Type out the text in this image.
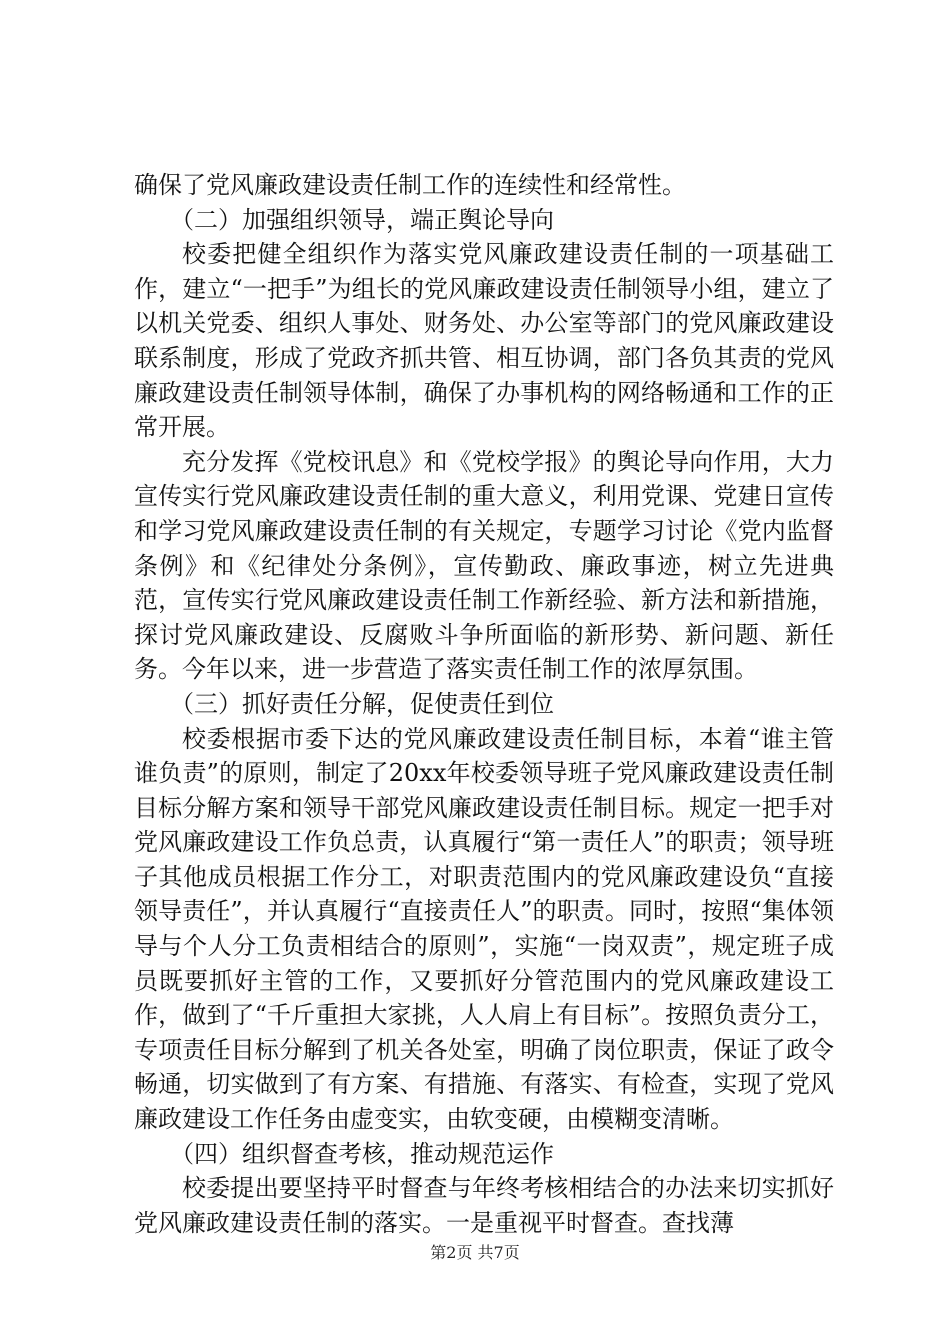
确保了党风廉政建设责任制工作的连续性和经常性。

（二）加强组织领导，端正舆论导向

校委把健全组织作为落实党风廉政建设责任制的一项基础工作，建立“一把手”为组长的党风廉政建设责任制领导小组，建立了以机关党委、组织人事处、财务处、办公室等部门的党风廉政建设联系制度，形成了党政齐抓共管、相互协调，部门各负其责的党风廉政建设责任制领导体制，确保了办事机构的网络畅通和工作的正常开展。

充分发挥《党校讯息》和《党校学报》的舆论导向作用，大力宣传实行党风廉政建设责任制的重大意义，利用党课、党建日宣传和学习党风廉政建设责任制的有关规定，专题学习讨论《党内监督条例》和《纪律处分条例》，宣传勤政、廉政事迹，树立先进典范，宣传实行党风廉政建设责任制工作新经验、新方法和新措施，探讨党风廉政建设、反腐败斗争所面临的新形势、新问题、新任务。今年以来，进一步营造了落实责任制工作的浓厚氛围。

（三）抓好责任分解，促使责任到位

校委根据市委下达的党风廉政建设责任制目标，本着“谁主管谁负责”的原则，制定了20xx年校委领导班子党风廉政建设责任制目标分解方案和领导干部党风廉政建设责任制目标。规定一把手对党风廉政建设工作负总责，认真履行“第一责任人”的职责；领导班子其他成员根据工作分工，对职责范围内的党风廉政建设负“直接领导责任”，并认真履行“直接责任人”的职责。同时，按照“集体领导与个人分工负责相结合的原则”，实施“一岗双责”，规定班子成员既要抓好主管的工作，又要抓好分管范围内的党风廉政建设工作，做到了“千斤重担大家挑，人人肩上有目标”。按照负责分工，专项责任目标分解到了机关各处室，明确了岗位职责，保证了政令畅通，切实做到了有方案、有措施、有落实、有检查，实现了党风廉政建设工作任务由虚变实，由软变硬，由模糊变清晰。

（四）组织督查考核，推动规范运作

校委提出要坚持平时督查与年终考核相结合的办法来切实抓好党风廉政建设责任制的落实。一是重视平时督查。查找薄

第2页 共7页
